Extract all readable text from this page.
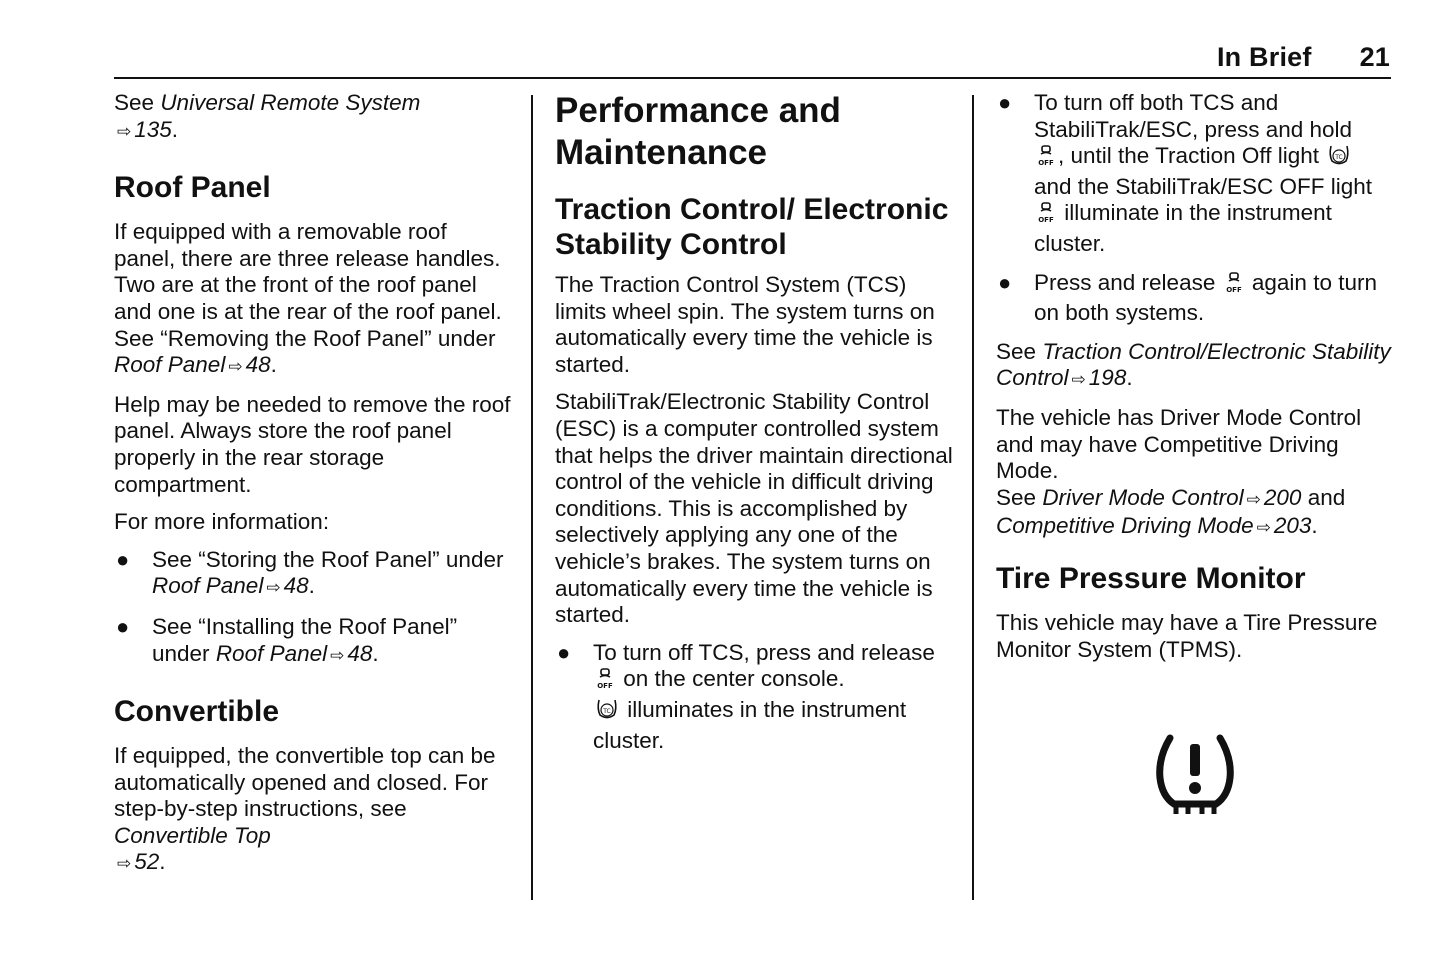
In Brief 21

See Universal Remote System
⇨ 135.

Roof Panel

If equipped with a removable roof panel, there are three release handles. Two are at the front of the roof panel and one is at the rear of the roof panel. See “Removing the Roof Panel” under Roof Panel ⇨ 48.

Help may be needed to remove the roof panel. Always store the roof panel properly in the rear storage compartment.

For more information:

● See “Storing the Roof Panel” under Roof Panel ⇨ 48.
● See “Installing the Roof Panel” under Roof Panel ⇨ 48.
Convertible

If equipped, the convertible top can be automatically opened and closed. For step-by-step instructions, see Convertible Top
⇨ 52.

Performance and Maintenance
Traction Control/ Electronic Stability Control

The Traction Control System (TCS) limits wheel spin. The system turns on automatically every time the vehicle is started.

StabiliTrak/Electronic Stability Control (ESC) is a computer controlled system that helps the driver maintain directional control of the vehicle in difficult driving conditions. This is accomplished by selectively applying any one of the vehicle’s brakes. The system turns on automatically every time the vehicle is started.

● To turn off TCS, press and release
OFF on the center console.

TC illuminates in the instrument cluster.
● To turn off both TCS and StabiliTrak/ESC, press and hold

OFF , until the Traction Off light	TC

and the StabiliTrak/ESC OFF light

OFF illuminate in the instrument cluster.
● Press and release OFF again to turn on both systems.

See Traction Control/Electronic Stability Control ⇨ 198.

The vehicle has Driver Mode Control and may have Competitive Driving Mode.
See Driver Mode Control ⇨ 200 and Competitive Driving Mode ⇨ 203.

Tire Pressure Monitor

This vehicle may have a Tire Pressure Monitor System (TPMS).
